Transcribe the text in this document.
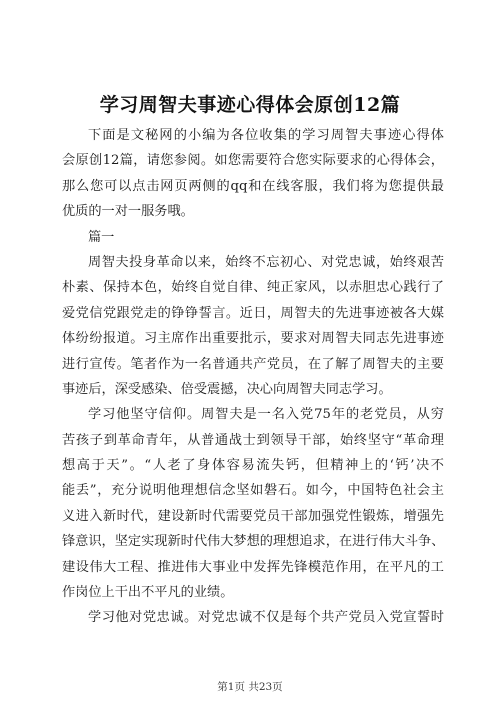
学习周智夫事迹心得体会原创12篇
下面是文秘网的小编为各位收集的学习周智夫事迹心得体
会原创12篇，请您参阅。如您需要符合您实际要求的心得体会，
那么您可以点击网页两侧的qq和在线客服，我们将为您提供最
优质的一对一服务哦。
篇一
周智夫投身革命以来，始终不忘初心、对党忠诚，始终艰苦
朴素、保持本色，始终自觉自律、纯正家风，以赤胆忠心践行了
爱党信党跟党走的铮铮誓言。近日，周智夫的先进事迹被各大媒
体纷纷报道。习主席作出重要批示，要求对周智夫同志先进事迹
进行宣传。笔者作为一名普通共产党员，在了解了周智夫的主要
事迹后，深受感染、倍受震撼，决心向周智夫同志学习。
学习他坚守信仰。周智夫是一名入党75年的老党员，从穷
苦孩子到革命青年，从普通战士到领导干部，始终坚守“革命理
想高于天”。“人老了身体容易流失钙，但精神上的‘钙’决不
能丢”，充分说明他理想信念坚如磐石。如今，中国特色社会主
义进入新时代，建设新时代需要党员干部加强党性锻炼，增强先
锋意识，坚定实现新时代伟大梦想的理想追求，在进行伟大斗争、
建设伟大工程、推进伟大事业中发挥先锋模范作用，在平凡的工
作岗位上干出不平凡的业绩。
学习他对党忠诚。对党忠诚不仅是每个共产党员入党宣誓时
第1页 共23页
